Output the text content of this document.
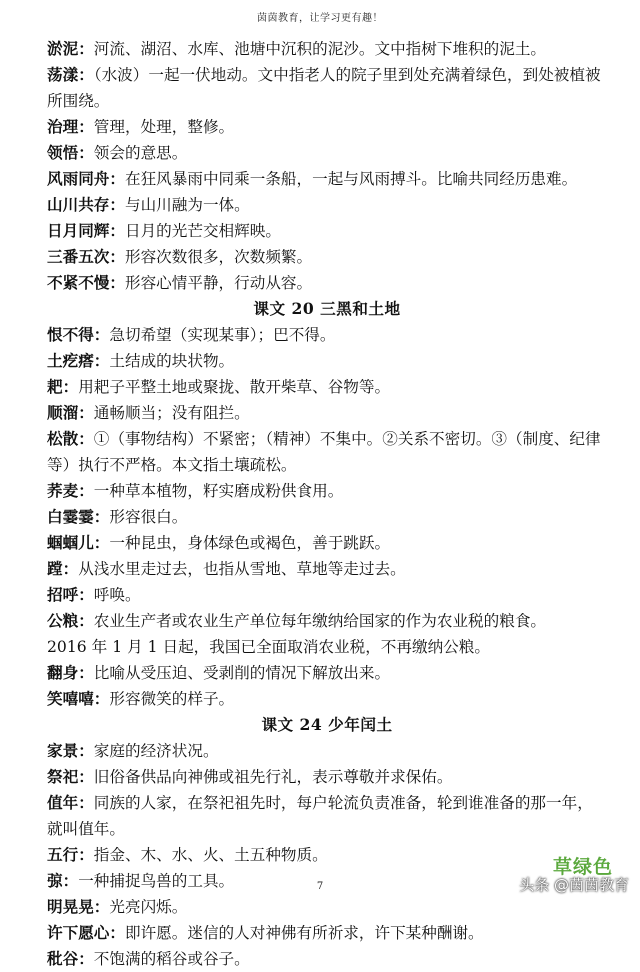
茵茵教育，让学习更有趣！

淤泥：河流、湖沼、水库、池塘中沉积的泥沙。文中指树下堆积的泥土。

荡漾：（水波）一起一伏地动。文中指老人的院子里到处充满着绿色，到处被植被所围绕。

治理：管理，处理，整修。

领悟：领会的意思。

风雨同舟：在狂风暴雨中同乘一条船，一起与风雨搏斗。比喻共同经历患难。

山川共存：与山川融为一体。

日月同辉：日月的光芒交相辉映。

三番五次：形容次数很多，次数频繁。

不紧不慢：形容心情平静，行动从容。

课文 20 三黑和土地

恨不得：急切希望（实现某事）；巴不得。

土疙瘩：土结成的块状物。

耙：用耙子平整土地或聚拢、散开柴草、谷物等。

顺溜：通畅顺当；没有阻拦。

松散：①（事物结构）不紧密；（精神）不集中。②关系不密切。③（制度、纪律等）执行不严格。本文指土壤疏松。

荞麦：一种草本植物，籽实磨成粉供食用。

白霎霎：形容很白。

蝈蝈儿：一种昆虫，身体绿色或褐色，善于跳跃。

蹚：从浅水里走过去，也指从雪地、草地等走过去。

招呼：呼唤。

公粮：农业生产者或农业生产单位每年缴纳给国家的作为农业税的粮食。

2016 年 1 月 1 日起，我国已全面取消农业税，不再缴纳公粮。

翻身：比喻从受压迫、受剥削的情况下解放出来。

笑嘻嘻：形容微笑的样子。

课文 24 少年闰土

家景：家庭的经济状况。

祭祀：旧俗备供品向神佛或祖先行礼，表示尊敬并求保佑。

值年：同族的人家，在祭祀祖先时，每户轮流负责准备，轮到谁准备的那一年，就叫值年。

五行：指金、木、水、火、土五种物质。

弶：一种捕捉鸟兽的工具。

明晃晃：光亮闪烁。

许下愿心：即许愿。迷信的人对神佛有所祈求，许下某种酬谢。

秕谷：不饱满的稻谷或谷子。

7
草绿色
头条 @茵茵教育
